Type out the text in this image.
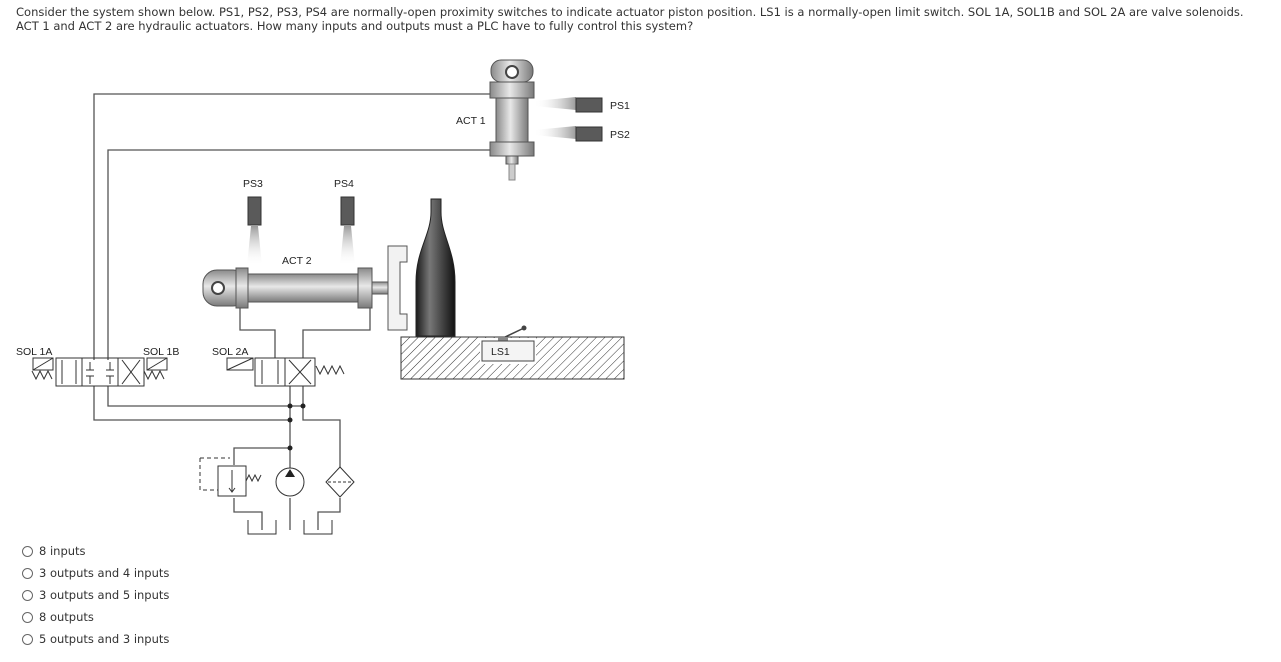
Consider the system shown below. PS1, PS2, PS3, PS4 are normally-open proximity switches to indicate actuator piston position. LS1 is a normally-open limit switch. SOL 1A, SOL1B and SOL 2A are valve solenoids.

ACT 1 and ACT 2 are hydraulic actuators. How many inputs and outputs must a PLC have to fully control this system?

ACT 1
PS1
PS2
PS3	PS4
ACT 2
LS1
SOL 1A	SOL 1B	SOL 2A
8 inputs
3 outputs and 4 inputs
3 outputs and 5 inputs
8 outputs
5 outputs and 3 inputs
